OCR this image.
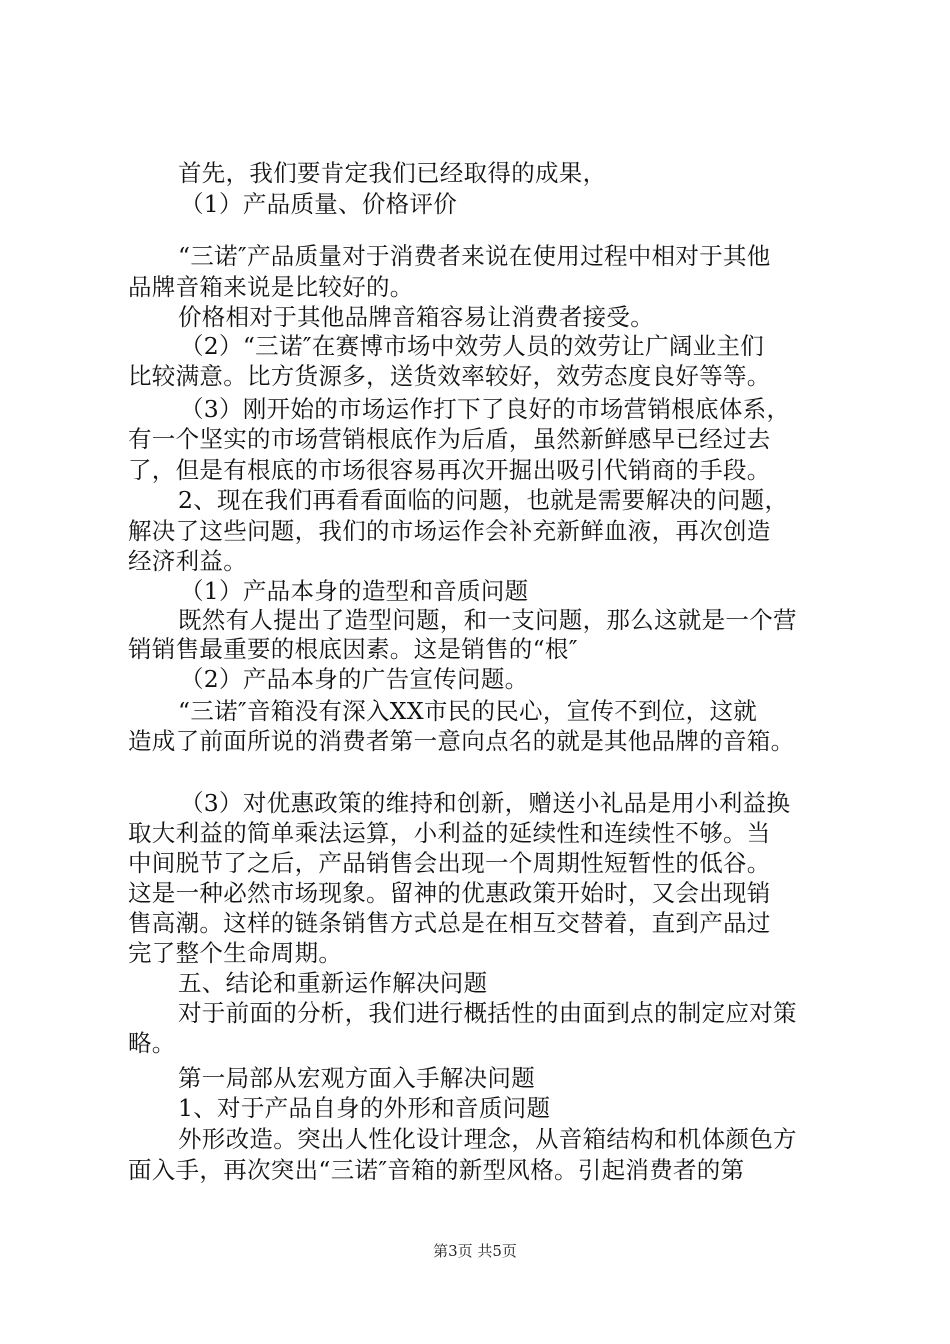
首先，我们要肯定我们已经取得的成果，
（1）产品质量、价格评价
“三诺″产品质量对于消费者来说在使用过程中相对于其他
品牌音箱来说是比较好的。
价格相对于其他品牌音箱容易让消费者接受。
（2）“三诺″在赛博市场中效劳人员的效劳让广阔业主们
比较满意。比方货源多，送货效率较好，效劳态度良好等等。
（3）刚开始的市场运作打下了良好的市场营销根底体系，
有一个坚实的市场营销根底作为后盾，虽然新鲜感早已经过去
了，但是有根底的市场很容易再次开掘出吸引代销商的手段。
2、现在我们再看看面临的问题，也就是需要解决的问题，
解决了这些问题，我们的市场运作会补充新鲜血液，再次创造
经济利益。
（1）产品本身的造型和音质问题
既然有人提出了造型问题，和一支问题，那么这就是一个营
销销售最重要的根底因素。这是销售的“根″
（2）产品本身的广告宣传问题。
“三诺″音箱没有深入XX市民的民心，宣传不到位，这就
造成了前面所说的消费者第一意向点名的就是其他品牌的音箱。
（3）对优惠政策的维持和创新，赠送小礼品是用小利益换
取大利益的简单乘法运算，小利益的延续性和连续性不够。当
中间脱节了之后，产品销售会出现一个周期性短暂性的低谷。
这是一种必然市场现象。留神的优惠政策开始时，又会出现销
售高潮。这样的链条销售方式总是在相互交替着，直到产品过
完了整个生命周期。
五、结论和重新运作解决问题
对于前面的分析，我们进行概括性的由面到点的制定应对策
略。
第一局部从宏观方面入手解决问题
1、对于产品自身的外形和音质问题
外形改造。突出人性化设计理念，从音箱结构和机体颜色方
面入手，再次突出“三诺″音箱的新型风格。引起消费者的第
第3页 共5页
